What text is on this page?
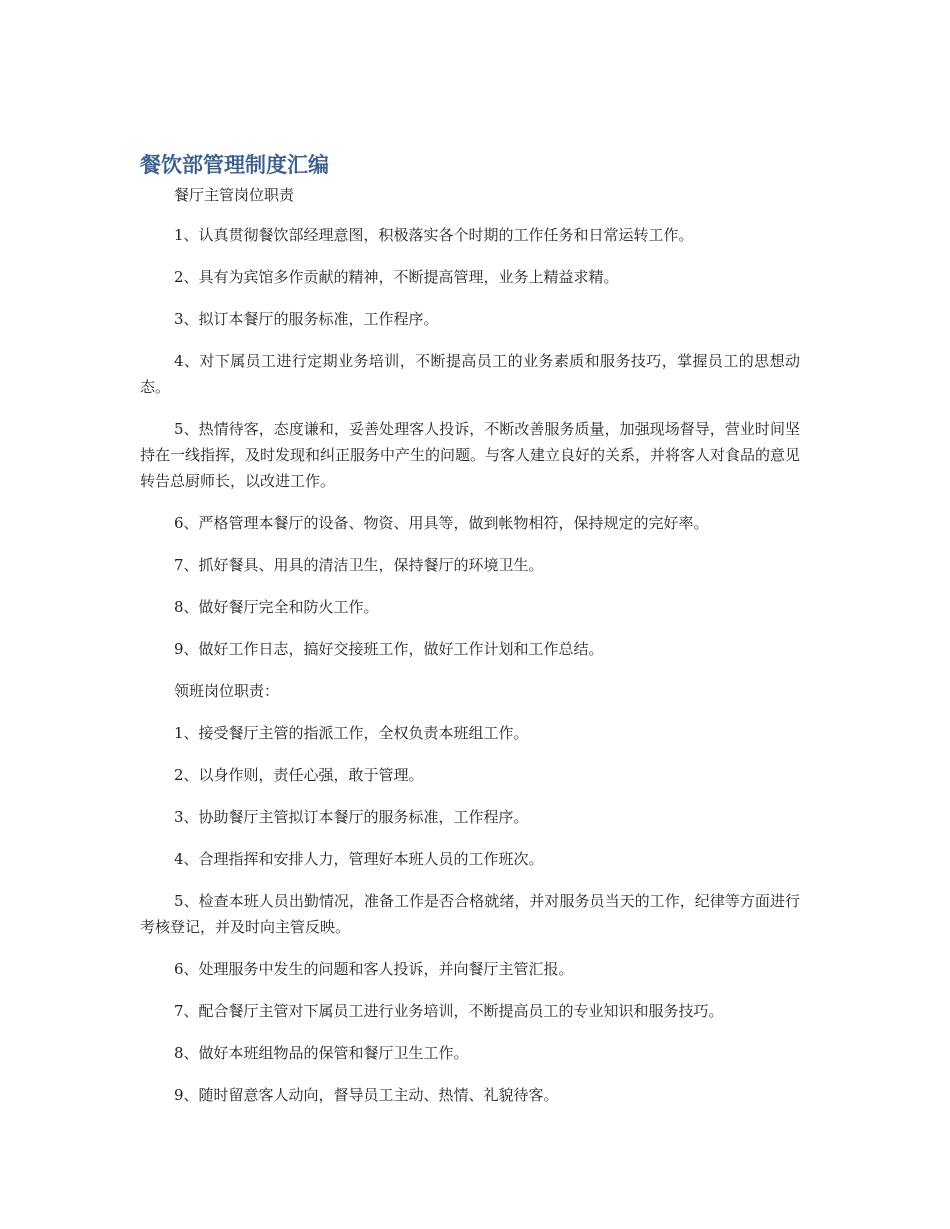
餐饮部管理制度汇编

餐厅主管岗位职责

1、认真贯彻餐饮部经理意图，积极落实各个时期的工作任务和日常运转工作。

2、具有为宾馆多作贡献的精神，不断提高管理，业务上精益求精。

3、拟订本餐厅的服务标准，工作程序。

4、对下属员工进行定期业务培训，不断提高员工的业务素质和服务技巧，掌握员工的思想动态。

5、热情待客，态度谦和，妥善处理客人投诉，不断改善服务质量，加强现场督导，营业时间坚持在一线指挥，及时发现和纠正服务中产生的问题。与客人建立良好的关系，并将客人对食品的意见转告总厨师长，以改进工作。

6、严格管理本餐厅的设备、物资、用具等，做到帐物相符，保持规定的完好率。

7、抓好餐具、用具的清洁卫生，保持餐厅的环境卫生。

8、做好餐厅完全和防火工作。

9、做好工作日志，搞好交接班工作，做好工作计划和工作总结。

领班岗位职责：

1、接受餐厅主管的指派工作，全权负责本班组工作。

2、以身作则，责任心强，敢于管理。

3、协助餐厅主管拟订本餐厅的服务标准，工作程序。

4、合理指挥和安排人力，管理好本班人员的工作班次。

5、检查本班人员出勤情况，准备工作是否合格就绪，并对服务员当天的工作，纪律等方面进行考核登记，并及时向主管反映。

6、处理服务中发生的问题和客人投诉，并向餐厅主管汇报。

7、配合餐厅主管对下属员工进行业务培训，不断提高员工的专业知识和服务技巧。

8、做好本班组物品的保管和餐厅卫生工作。

9、随时留意客人动向，督导员工主动、热情、礼貌待客。
